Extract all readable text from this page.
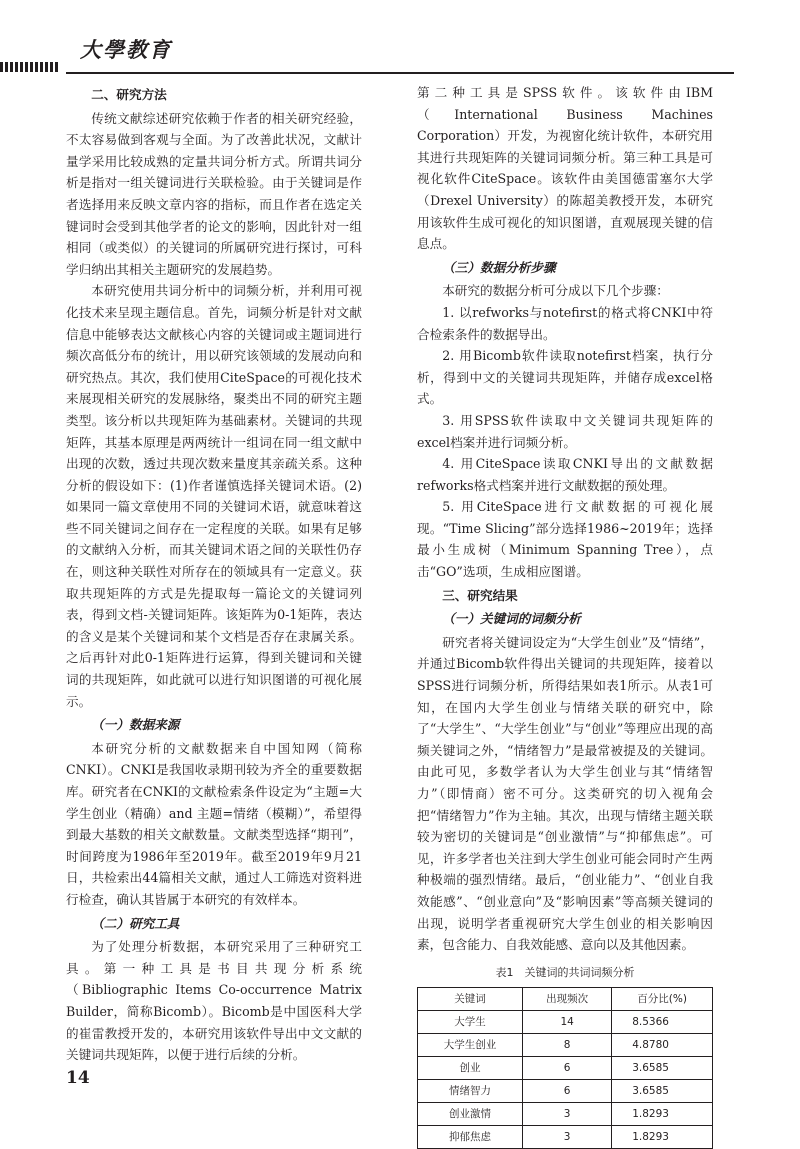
大學教育
二、研究方法

传统文献综述研究依赖于作者的相关研究经验，不太容易做到客观与全面。为了改善此状况，文献计量学采用比较成熟的定量共词分析方式。所谓共词分析是指对一组关键词进行关联检验。由于关键词是作者选择用来反映文章内容的指标，而且作者在选定关键词时会受到其他学者的论文的影响，因此针对一组相同（或类似）的关键词的所属研究进行探讨，可科学归纳出其相关主题研究的发展趋势。

本研究使用共词分析中的词频分析，并利用可视化技术来呈现主题信息。首先，词频分析是针对文献信息中能够表达文献核心内容的关键词或主题词进行频次高低分布的统计，用以研究该领域的发展动向和研究热点。其次，我们使用CiteSpace的可视化技术来展现相关研究的发展脉络，聚类出不同的研究主题类型。该分析以共现矩阵为基础素材。关键词的共现矩阵，其基本原理是两两统计一组词在同一组文献中出现的次数，透过共现次数来量度其亲疏关系。这种分析的假设如下：(1)作者谨慎选择关键词术语。(2)如果同一篇文章使用不同的关键词术语，就意味着这些不同关键词之间存在一定程度的关联。如果有足够的文献纳入分析，而其关键词术语之间的关联性仍存在，则这种关联性对所存在的领域具有一定意义。获取共现矩阵的方式是先提取每一篇论文的关键词列表，得到文档-关键词矩阵。该矩阵为0-1矩阵，表达的含义是某个关键词和某个文档是否存在隶属关系。之后再针对此0-1矩阵进行运算，得到关键词和关键词的共现矩阵，如此就可以进行知识图谱的可视化展示。

（一）数据来源

本研究分析的文献数据来自中国知网（简称CNKI）。CNKI是我国收录期刊较为齐全的重要数据库。研究者在CNKI的文献检索条件设定为“主题=大学生创业（精确）and 主题=情绪（模糊）”，希望得到最大基数的相关文献数量。文献类型选择“期刊”，时间跨度为1986年至2019年。截至2019年9月21日，共检索出44篇相关文献，通过人工筛选对资料进行检查，确认其皆属于本研究的有效样本。

（二）研究工具

为了处理分析数据，本研究采用了三种研究工具。第一种工具是书目共现分析系统（Bibliographic Items Co-occurrence Matrix Builder，简称Bicomb）。Bicomb是中国医科大学的崔雷教授开发的，本研究用该软件导出中文文献的关键词共现矩阵，以便于进行后续的分析。

第二种工具是SPSS软件。该软件由IBM（International Business Machines Corporation）开发，为视窗化统计软件，本研究用其进行共现矩阵的关键词词频分析。第三种工具是可视化软件CiteSpace。该软件由美国德雷塞尔大学（Drexel University）的陈超美教授开发，本研究用该软件生成可视化的知识图谱，直观展现关键的信息点。

（三）数据分析步骤

本研究的数据分析可分成以下几个步骤：

1. 以refworks与notefirst的格式将CNKI中符合检索条件的数据导出。

2. 用Bicomb软件读取notefirst档案，执行分析，得到中文的关键词共现矩阵，并储存成excel格式。

3. 用SPSS软件读取中文关键词共现矩阵的excel档案并进行词频分析。

4. 用CiteSpace读取CNKI导出的文献数据refworks格式档案并进行文献数据的预处理。

5. 用CiteSpace进行文献数据的可视化展现。“Time Slicing”部分选择1986~2019年；选择最小生成树（Minimum Spanning Tree），点击“GO”选项，生成相应图谱。

三、研究结果
（一）关键词的词频分析

研究者将关键词设定为“大学生创业”及“情绪”，并通过Bicomb软件得出关键词的共现矩阵，接着以SPSS进行词频分析，所得结果如表1所示。从表1可知，在国内大学生创业与情绪关联的研究中，除了“大学生”、“大学生创业”与“创业”等理应出现的高频关键词之外，“情绪智力”是最常被提及的关键词。由此可见，多数学者认为大学生创业与其“情绪智力”（即情商）密不可分。这类研究的切入视角会把“情绪智力”作为主轴。其次，出现与情绪主题关联较为密切的关键词是“创业激情”与“抑郁焦虑”。可见，许多学者也关注到大学生创业可能会同时产生两种极端的强烈情绪。最后，“创业能力”、“创业自我效能感”、“创业意向”及“影响因素”等高频关键词的出现，说明学者重视研究大学生创业的相关影响因素，包含能力、自我效能感、意向以及其他因素。

表1　关键词的共词词频分析
关键词	出现频次	百分比(%)
大学生	14	8.5366
大学生创业	8	4.8780
创业	6	3.6585
情绪智力	6	3.6585
创业激情	3	1.8293
抑郁焦虑	3	1.8293
14
